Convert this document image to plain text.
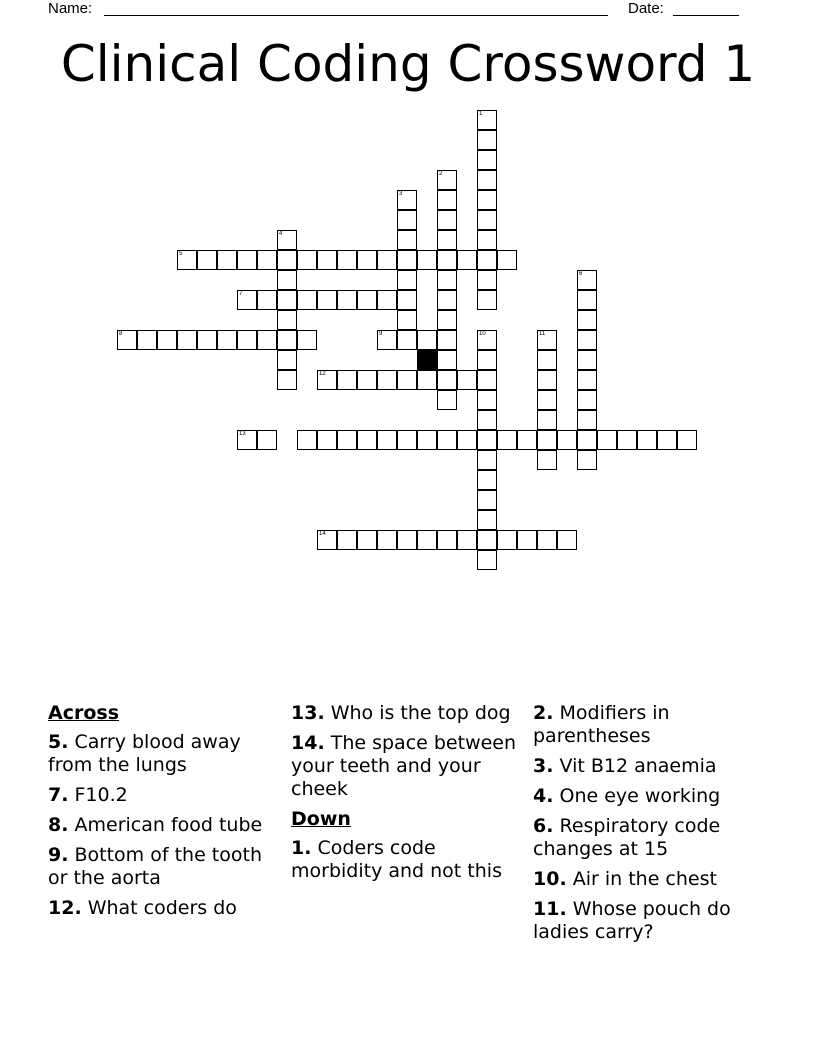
Name:	Date:
Clinical Coding Crossword 1
5
4
7
8
3
2
1
9
12
10	11
6
13
14
Across
5. Carry blood away from the lungs
7. F10.2
8. American food tube
9. Bottom of the tooth or the aorta
12. What coders do
13. Who is the top dog
14. The space between your teeth and your cheek
Down
1. Coders code morbidity and not this
2. Modifiers in parentheses
3. Vit B12 anaemia
4. One eye working
6. Respiratory code changes at 15
10. Air in the chest
11. Whose pouch do ladies carry?
